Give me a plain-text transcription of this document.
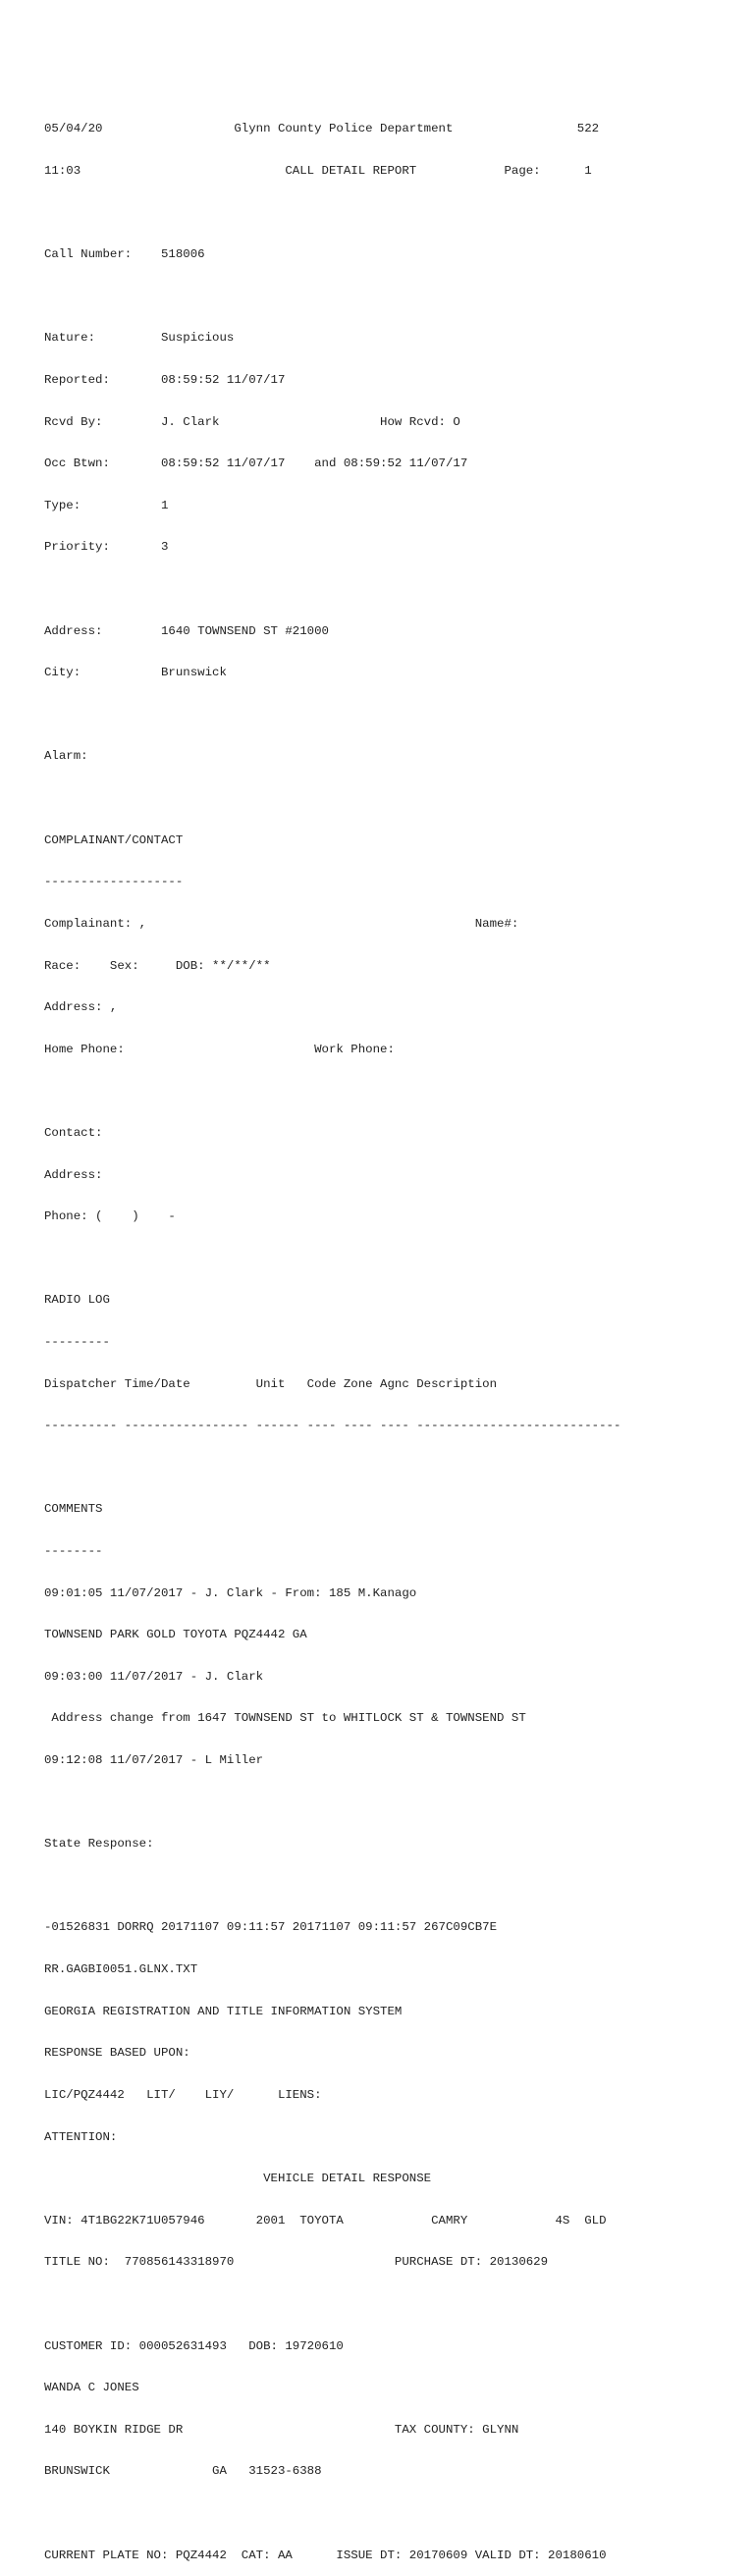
05/04/20                  Glynn County Police Department                 522

11:03                            CALL DETAIL REPORT            Page:      1

Call Number:    518006

Nature:         Suspicious

Reported:       08:59:52 11/07/17

Rcvd By:        J. Clark                      How Rcvd: O

Occ Btwn:       08:59:52 11/07/17    and 08:59:52 11/07/17

Type:           1

Priority:       3

Address:        1640 TOWNSEND ST #21000

City:           Brunswick

Alarm:

COMPLAINANT/CONTACT

-------------------

Complainant: ,                                             Name#:

Race:    Sex:     DOB: **/**/**

Address: ,

Home Phone:                          Work Phone:

Contact:

Address:

Phone: (    )    -

RADIO LOG

---------

Dispatcher Time/Date         Unit   Code Zone Agnc Description

---------- ----------------- ------ ---- ---- ---- ----------------------------

COMMENTS

--------

09:01:05 11/07/2017 - J. Clark - From: 185 M.Kanago

TOWNSEND PARK GOLD TOYOTA PQZ4442 GA

09:03:00 11/07/2017 - J. Clark

Address change from 1647 TOWNSEND ST to WHITLOCK ST & TOWNSEND ST

09:12:08 11/07/2017 - L Miller

State Response:

-01526831 DORRQ 20171107 09:11:57 20171107 09:11:57 267C09CB7E

RR.GAGBI0051.GLNX.TXT

GEORGIA REGISTRATION AND TITLE INFORMATION SYSTEM

RESPONSE BASED UPON:

LIC/PQZ4442   LIT/    LIY/      LIENS:

ATTENTION:

VEHICLE DETAIL RESPONSE

VIN: 4T1BG22K71U057946       2001  TOYOTA            CAMRY            4S  GLD

TITLE NO:  770856143318970                      PURCHASE DT: 20130629

CUSTOMER ID: 000052631493   DOB: 19720610

WANDA C JONES

140 BOYKIN RIDGE DR                             TAX COUNTY: GLYNN

BRUNSWICK              GA   31523-6388

CURRENT PLATE NO: PQZ4442  CAT: AA      ISSUE DT: 20170609 VALID DT: 20180610
